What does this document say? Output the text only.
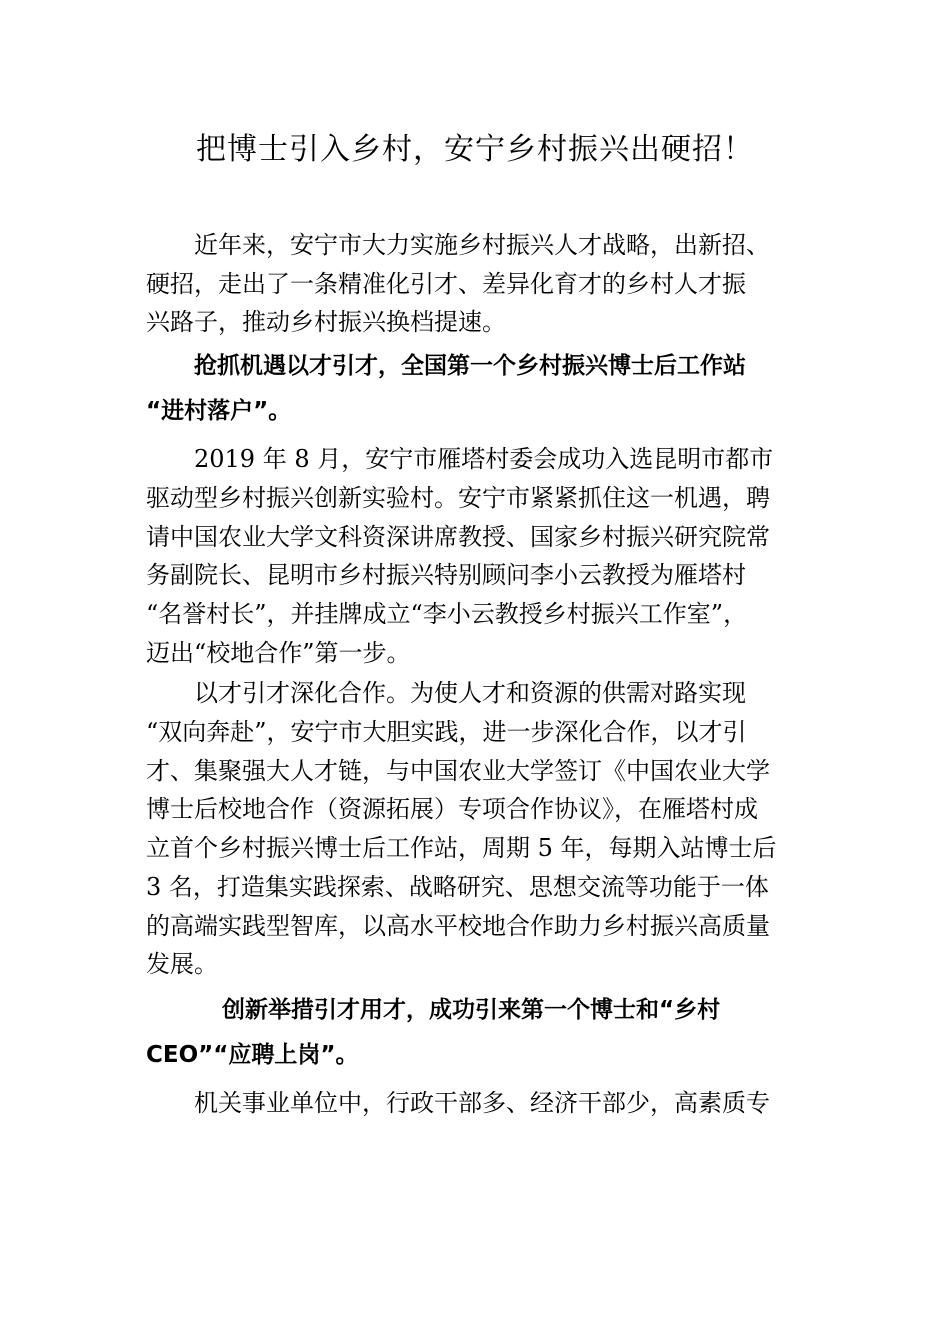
把博士引入乡村，安宁乡村振兴出硬招！

近年来，安宁市大力实施乡村振兴人才战略，出新招、
硬招，走出了一条精准化引才、差异化育才的乡村人才振
兴路子，推动乡村振兴换档提速。

抢抓机遇以才引才，全国第一个乡村振兴博士后工作站
“进村落户”。

2019 年 8 月，安宁市雁塔村委会成功入选昆明市都市
驱动型乡村振兴创新实验村。安宁市紧紧抓住这一机遇，聘
请中国农业大学文科资深讲席教授、国家乡村振兴研究院常
务副院长、昆明市乡村振兴特别顾问李小云教授为雁塔村
“名誉村长”，并挂牌成立“李小云教授乡村振兴工作室”，
迈出“校地合作”第一步。

以才引才深化合作。为使人才和资源的供需对路实现
“双向奔赴”，安宁市大胆实践，进一步深化合作，以才引
才、集聚强大人才链，与中国农业大学签订《中国农业大学
博士后校地合作（资源拓展）专项合作协议》，在雁塔村成
立首个乡村振兴博士后工作站，周期 5 年，每期入站博士后
3 名，打造集实践探索、战略研究、思想交流等功能于一体
的高端实践型智库，以高水平校地合作助力乡村振兴高质量
发展。

创新举措引才用才，成功引来第一个博士和“乡村
CEO”“应聘上岗”。

机关事业单位中，行政干部多、经济干部少，高素质专
